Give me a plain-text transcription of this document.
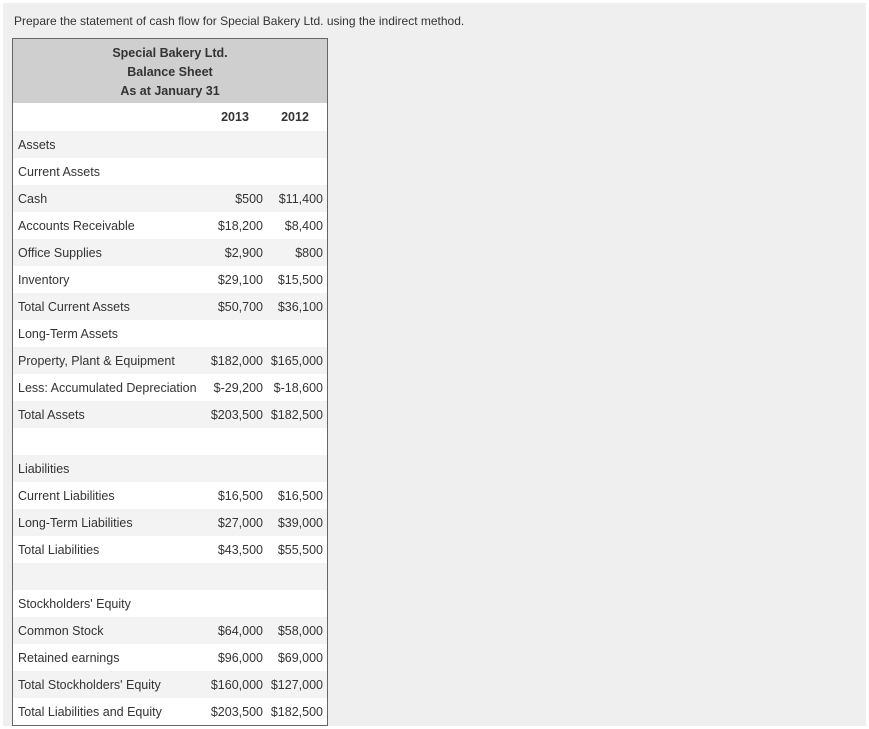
Prepare the statement of cash flow for Special Bakery Ltd. using the indirect method.
Special Bakery Ltd.
Balance Sheet
As at January 31
	2013	2012
Assets		
Current Assets		
Cash	$500	$11,400
Accounts Receivable	$18,200	$8,400
Office Supplies	$2,900	$800
Inventory	$29,100	$15,500
Total Current Assets	$50,700	$36,100
Long-Term Assets		
Property, Plant & Equipment	$182,000	$165,000
Less: Accumulated Depreciation	$-29,200	$-18,600
Total Assets	$203,500	$182,500

Liabilities		
Current Liabilities	$16,500	$16,500
Long-Term Liabilities	$27,000	$39,000
Total Liabilities	$43,500	$55,500

Stockholders' Equity		
Common Stock	$64,000	$58,000
Retained earnings	$96,000	$69,000
Total Stockholders' Equity	$160,000	$127,000
Total Liabilities and Equity	$203,500	$182,500
